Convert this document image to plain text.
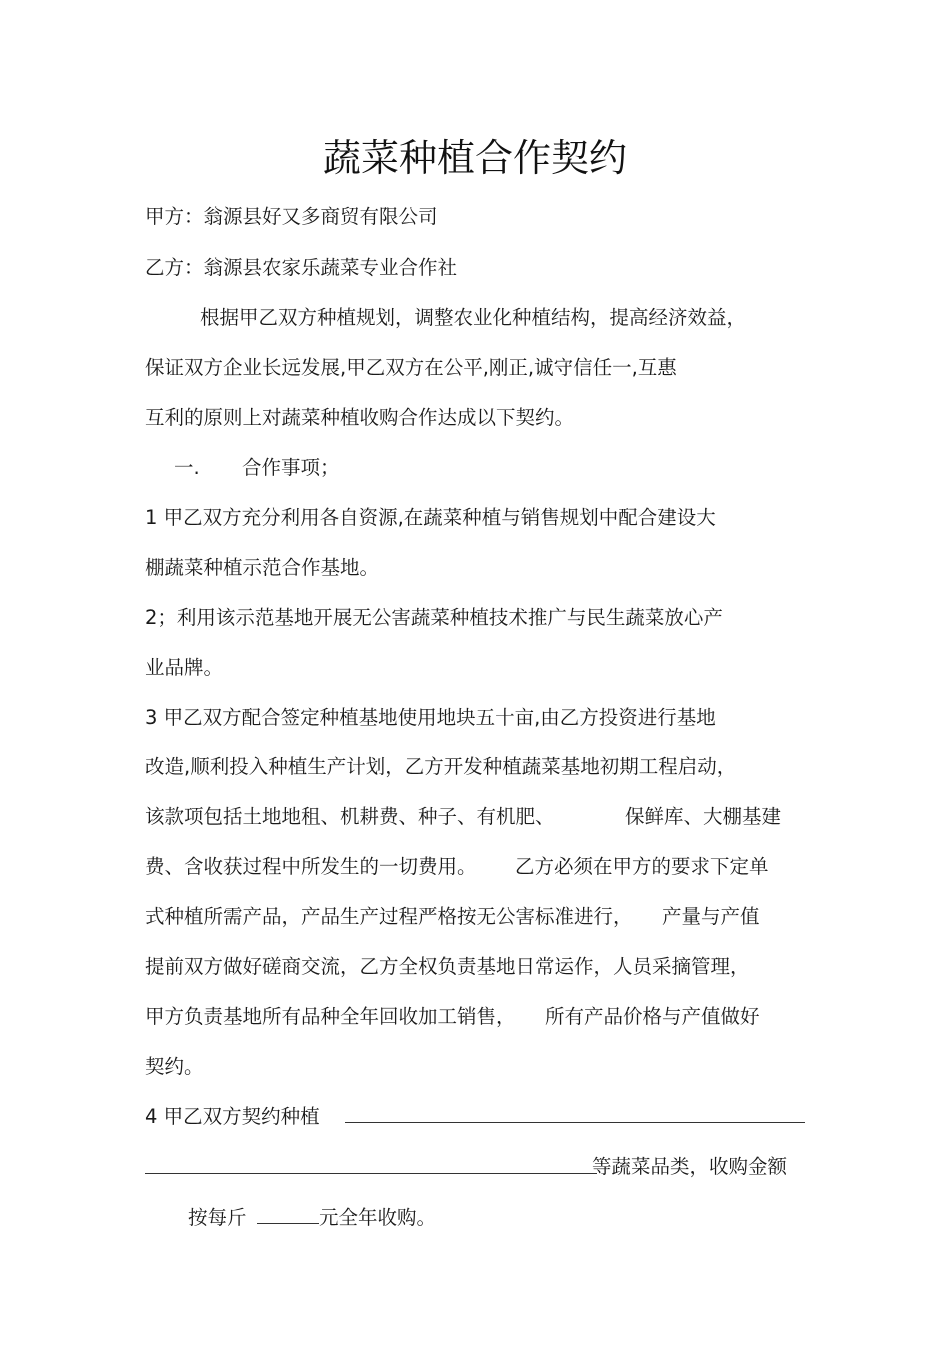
蔬菜种植合作契约
甲方：翁源县好又多商贸有限公司
乙方：翁源县农家乐蔬菜专业合作社
根据甲乙双方种植规划，调整农业化种植结构，提高经济效益，
保证双方企业长远发展,甲乙双方在公平,刚正,诚守信任一,互惠
互利的原则上对蔬菜种植收购合作达成以下契约。
一. 合作事项；
1 甲乙双方充分利用各自资源,在蔬菜种植与销售规划中配合建设大
棚蔬菜种植示范合作基地。
2；利用该示范基地开展无公害蔬菜种植技术推广与民生蔬菜放心产
业品牌。
3 甲乙双方配合签定种植基地使用地块五十亩,由乙方投资进行基地
改造,顺利投入种植生产计划，乙方开发种植蔬菜基地初期工程启动，
该款项包括土地地租、机耕费、种子、有机肥、	保鲜库、大棚基建
费、含收获过程中所发生的一切费用。 乙方必须在甲方的要求下定单
式种植所需产品，产品生产过程严格按无公害标准进行， 产量与产值
提前双方做好磋商交流，乙方全权负责基地日常运作，人员采摘管理，
甲方负责基地所有品种全年回收加工销售， 所有产品价格与产值做好
契约。
4 甲乙双方契约种植
等蔬菜品类，收购金额
按每斤	元全年收购。
